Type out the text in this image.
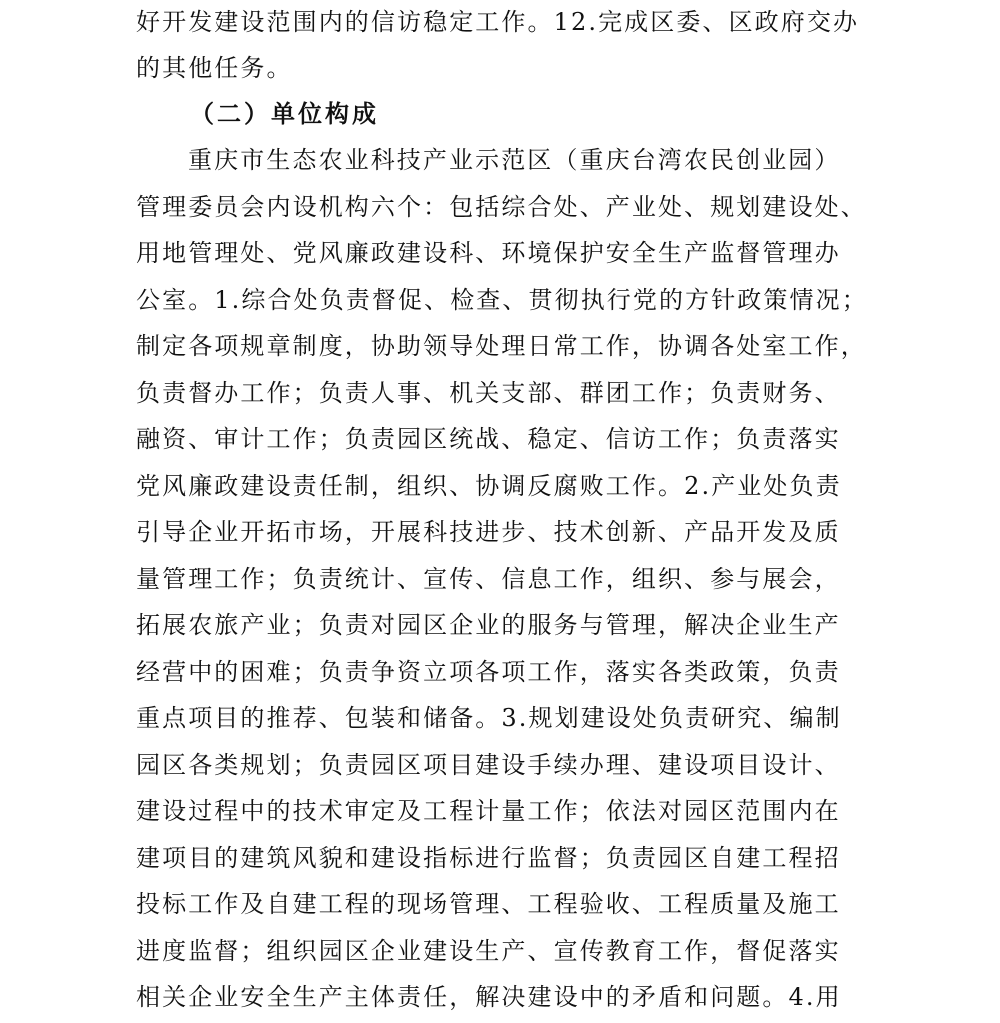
好开发建设范围内的信访稳定工作。12.完成区委、区政府交办
的其他任务。
（二）单位构成
重庆市生态农业科技产业示范区（重庆台湾农民创业园）
管理委员会内设机构六个：包括综合处、产业处、规划建设处、
用地管理处、党风廉政建设科、环境保护安全生产监督管理办
公室。1.综合处负责督促、检查、贯彻执行党的方针政策情况；
制定各项规章制度，协助领导处理日常工作，协调各处室工作，
负责督办工作；负责人事、机关支部、群团工作；负责财务、
融资、审计工作；负责园区统战、稳定、信访工作；负责落实
党风廉政建设责任制，组织、协调反腐败工作。2.产业处负责
引导企业开拓市场，开展科技进步、技术创新、产品开发及质
量管理工作；负责统计、宣传、信息工作，组织、参与展会，
拓展农旅产业；负责对园区企业的服务与管理，解决企业生产
经营中的困难；负责争资立项各项工作，落实各类政策，负责
重点项目的推荐、包装和储备。3.规划建设处负责研究、编制
园区各类规划；负责园区项目建设手续办理、建设项目设计、
建设过程中的技术审定及工程计量工作；依法对园区范围内在
建项目的建筑风貌和建设指标进行监督；负责园区自建工程招
投标工作及自建工程的现场管理、工程验收、工程质量及施工
进度监督；组织园区企业建设生产、宣传教育工作，督促落实
相关企业安全生产主体责任，解决建设中的矛盾和问题。4.用
